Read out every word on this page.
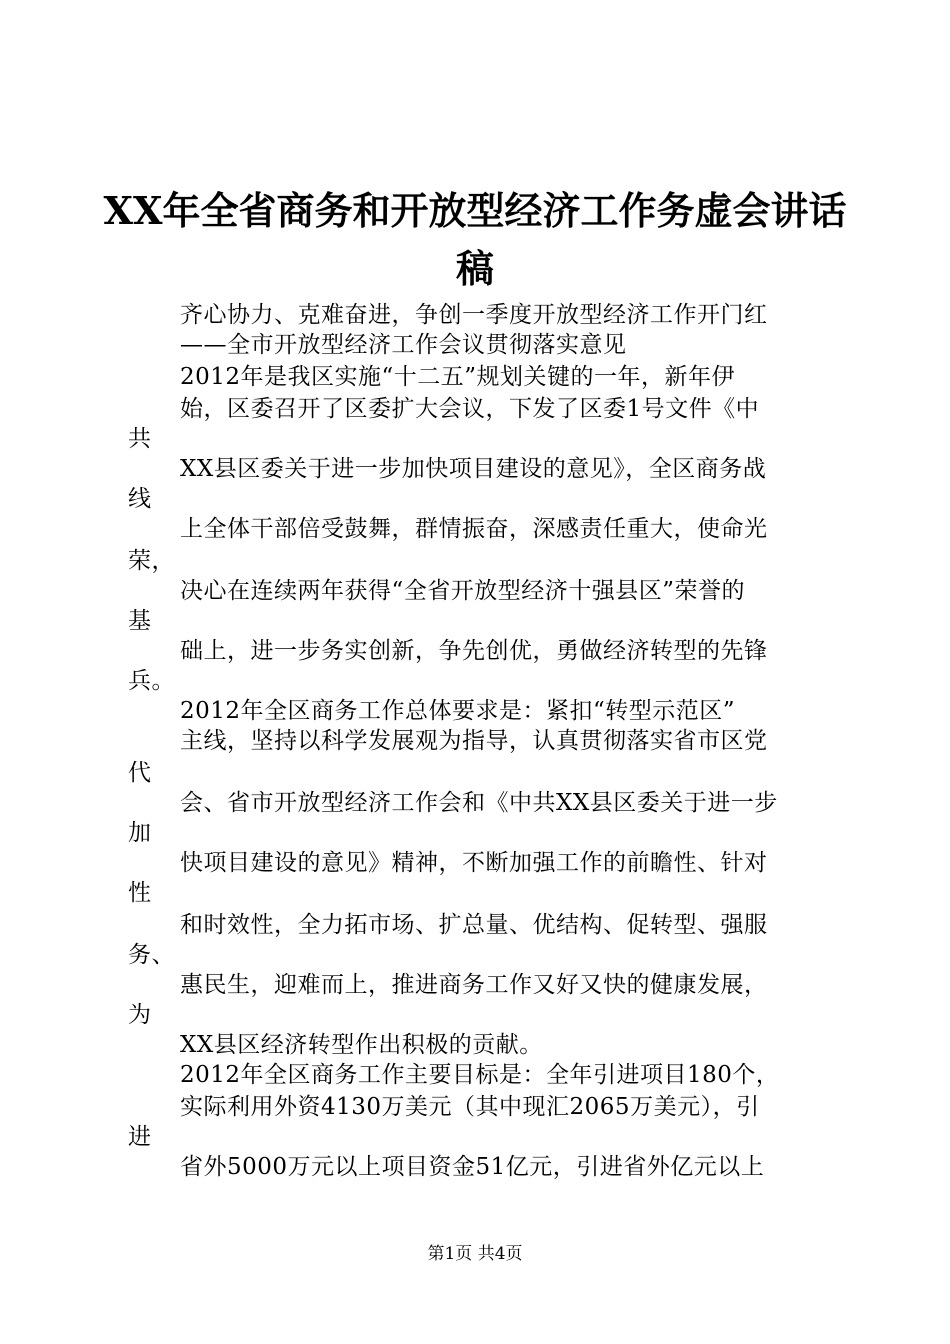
XX年全省商务和开放型经济工作务虚会讲话
稿
齐心协力、克难奋进，争创一季度开放型经济工作开门红
——全市开放型经济工作会议贯彻落实意见
2012年是我区实施“十二五”规划关键的一年，新年伊
始，区委召开了区委扩大会议，下发了区委1号文件《中
共
XX县区委关于进一步加快项目建设的意见》，全区商务战
线
上全体干部倍受鼓舞，群情振奋，深感责任重大，使命光
荣，
决心在连续两年获得“全省开放型经济十强县区”荣誉的
基
础上，进一步务实创新，争先创优，勇做经济转型的先锋
兵。
2012年全区商务工作总体要求是：紧扣“转型示范区”
主线，坚持以科学发展观为指导，认真贯彻落实省市区党
代
会、省市开放型经济工作会和《中共XX县区委关于进一步
加
快项目建设的意见》精神，不断加强工作的前瞻性、针对
性
和时效性，全力拓市场、扩总量、优结构、促转型、强服
务、
惠民生，迎难而上，推进商务工作又好又快的健康发展，
为
XX县区经济转型作出积极的贡献。
2012年全区商务工作主要目标是：全年引进项目180个，
实际利用外资4130万美元（其中现汇2065万美元），引
进
省外5000万元以上项目资金51亿元，引进省外亿元以上
第1页 共4页
